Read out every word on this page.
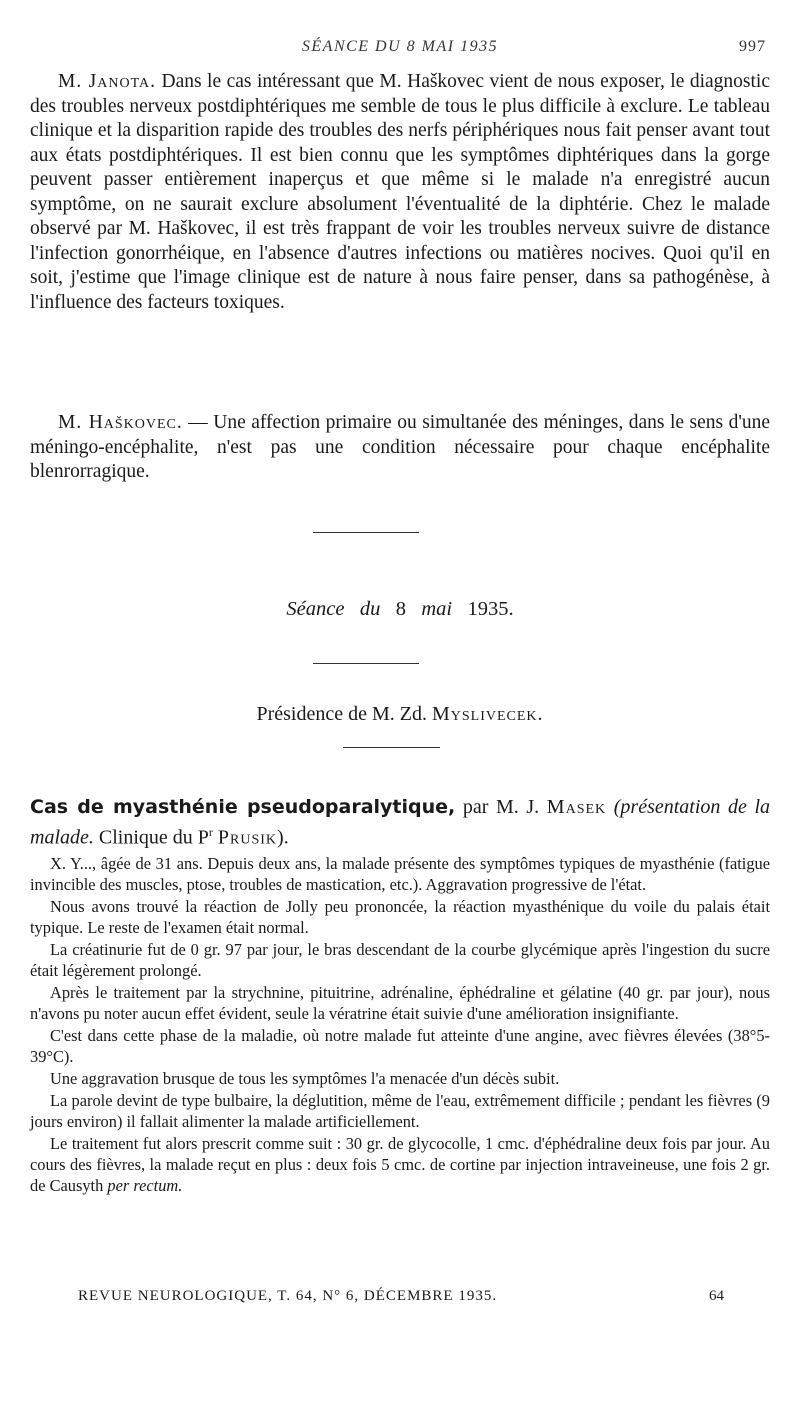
SÉANCE DU 8 MAI 1935	997

M. Janota. Dans le cas intéressant que M. Haškovec vient de nous exposer, le diagnostic des troubles nerveux postdiphtériques me semble de tous le plus difficile à exclure. Le tableau clinique et la disparition rapide des troubles des nerfs périphériques nous fait penser avant tout aux états postdiphtériques. Il est bien connu que les symptômes diphtériques dans la gorge peuvent passer entièrement inaperçus et que même si le malade n'a enregistré aucun symptôme, on ne saurait exclure absolument l'éventualité de la diphtérie. Chez le malade observé par M. Haškovec, il est très frappant de voir les troubles nerveux suivre de distance l'infection gonorrhéique, en l'absence d'autres infections ou matières nocives. Quoi qu'il en soit, j'estime que l'image clinique est de nature à nous faire penser, dans sa pathogénèse, à l'influence des facteurs toxiques.

M. Haškovec. — Une affection primaire ou simultanée des méninges, dans le sens d'une méningo-encéphalite, n'est pas une condition nécessaire pour chaque encéphalite blenrorragique.

Séance du 8 mai 1935.
Présidence de M. Zd. Myslivecek.
Cas de myasthénie pseudoparalytique, par M. J. Masek (présentation de la malade. Clinique du $P^r$ Prusik).

X. Y..., âgée de 31 ans. Depuis deux ans, la malade présente des symptômes typiques de myasthénie (fatigue invincible des muscles, ptose, troubles de mastication, etc.). Aggravation progressive de l'état.

Nous avons trouvé la réaction de Jolly peu prononcée, la réaction myasthénique du voile du palais était typique. Le reste de l'examen était normal.

La créatinurie fut de 0 gr. 97 par jour, le bras descendant de la courbe glycémique après l'ingestion du sucre était légèrement prolongé.

Après le traitement par la strychnine, pituitrine, adrénaline, éphédraline et gélatine (40 gr. par jour), nous n'avons pu noter aucun effet évident, seule la vératrine était suivie d'une amélioration insignifiante.

C'est dans cette phase de la maladie, où notre malade fut atteinte d'une angine, avec fièvres élevées (38°5-39°C).

Une aggravation brusque de tous les symptômes l'a menacée d'un décès subit.

La parole devint de type bulbaire, la déglutition, même de l'eau, extrêmement difficile ; pendant les fièvres (9 jours environ) il fallait alimenter la malade artificiellement.

Le traitement fut alors prescrit comme suit : 30 gr. de glycocolle, 1 cmc. d'éphédraline deux fois par jour. Au cours des fièvres, la malade reçut en plus : deux fois 5 cmc. de cortine par injection intraveineuse, une fois 2 gr. de Causyth per rectum.

REVUE NEUROLOGIQUE, T. 64, N° 6, DÉCEMBRE 1935.	64
